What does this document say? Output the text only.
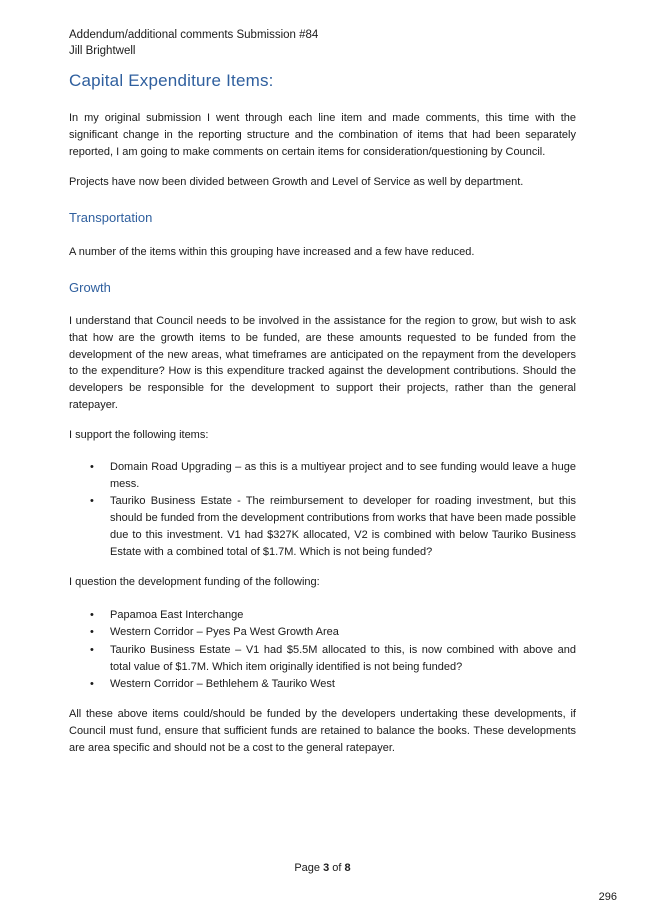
Addendum/additional comments Submission #84
Jill Brightwell
Capital Expenditure Items:

In my original submission I went through each line item and made comments, this time with the significant change in the reporting structure and the combination of items that had been separately reported, I am going to make comments on certain items for consideration/questioning by Council.

Projects have now been divided between Growth and Level of Service as well by department.

Transportation

A number of the items within this grouping have increased and a few have reduced.

Growth

I understand that Council needs to be involved in the assistance for the region to grow, but wish to ask that how are the growth items to be funded, are these amounts requested to be funded from the development of the new areas, what timeframes are anticipated on the repayment from the developers to the expenditure? How is this expenditure tracked against the development contributions. Should the developers be responsible for the development to support their projects, rather than the general ratepayer.

I support the following items:

• Domain Road Upgrading – as this is a multiyear project and to see funding would leave a huge mess.
• Tauriko Business Estate - The reimbursement to developer for roading investment, but this should be funded from the development contributions from works that have been made possible due to this investment. V1 had $327K allocated, V2 is combined with below Tauriko Business Estate with a combined total of $1.7M. Which is not being funded?

I question the development funding of the following:

• Papamoa East Interchange
• Western Corridor – Pyes Pa West Growth Area
• Tauriko Business Estate – V1 had $5.5M allocated to this, is now combined with above and total value of $1.7M. Which item originally identified is not being funded?
• Western Corridor – Bethlehem & Tauriko West

All these above items could/should be funded by the developers undertaking these developments, if Council must fund, ensure that sufficient funds are retained to balance the books. These developments are area specific and should not be a cost to the general ratepayer.

Page 3 of 8
296
